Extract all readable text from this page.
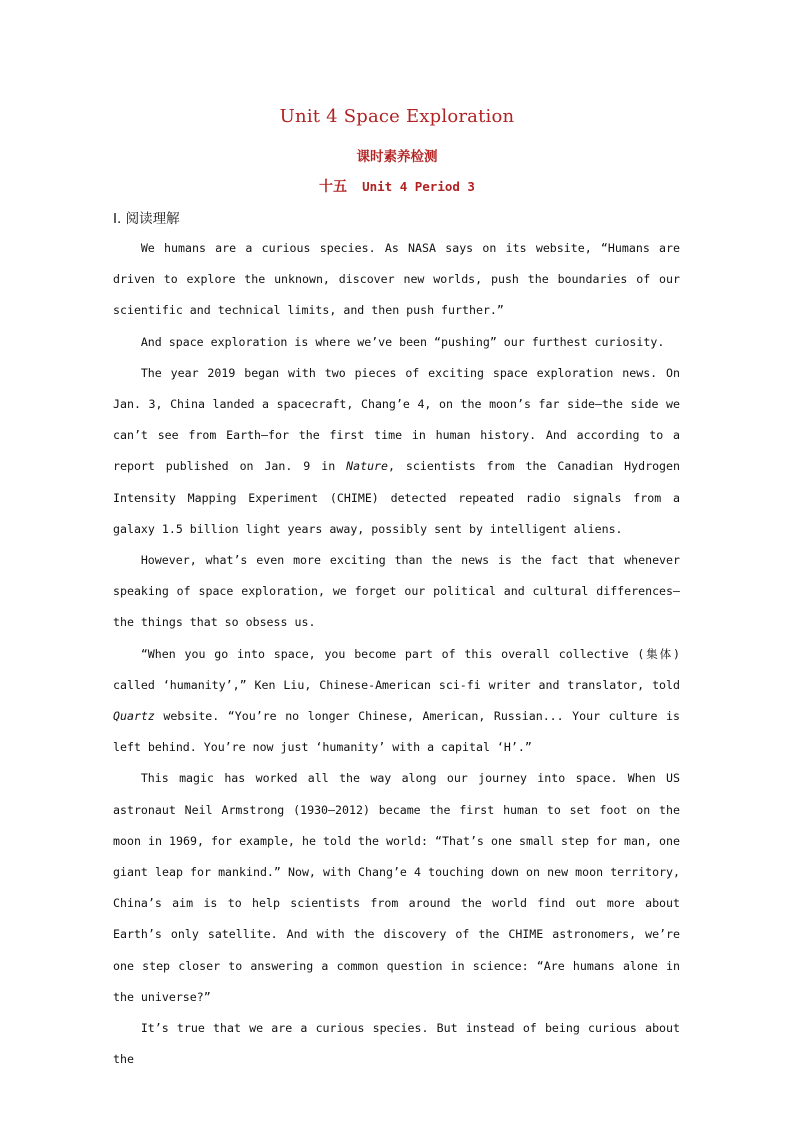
Unit 4 Space Exploration
课时素养检测
十五 Unit 4 Period 3
Ⅰ. 阅读理解

We humans are a curious species. As NASA says on its website, “Humans are driven to explore the unknown, discover new worlds, push the boundaries of our scientific and technical limits, and then push further.”

And space exploration is where we’ve been “pushing” our furthest curiosity.

The year 2019 began with two pieces of exciting space exploration news. On Jan. 3, China landed a spacecraft, Chang’e 4, on the moon’s far side—the side we can’t see from Earth—for the first time in human history. And according to a report published on Jan. 9 in Nature, scientists from the Canadian Hydrogen Intensity Mapping Experiment (CHIME) detected repeated radio signals from a galaxy 1.5 billion light years away, possibly sent by intelligent aliens.

However, what’s even more exciting than the news is the fact that whenever speaking of space exploration, we forget our political and cultural differences—the things that so obsess us.

“When you go into space, you become part of this overall collective (集体) called ‘humanity’,” Ken Liu, Chinese-American sci-fi writer and translator, told Quartz website. “You’re no longer Chinese, American, Russian... Your culture is left behind. You’re now just ‘humanity’ with a capital ‘H’.”

This magic has worked all the way along our journey into space. When US astronaut Neil Armstrong (1930—2012) became the first human to set foot on the moon in 1969, for example, he told the world: “That’s one small step for man, one giant leap for mankind.” Now, with Chang’e 4 touching down on new moon territory, China’s aim is to help scientists from around the world find out more about Earth’s only satellite. And with the discovery of the CHIME astronomers, we’re one step closer to answering a common question in science: “Are humans alone in the universe?”

It’s true that we are a curious species. But instead of being curious about the
